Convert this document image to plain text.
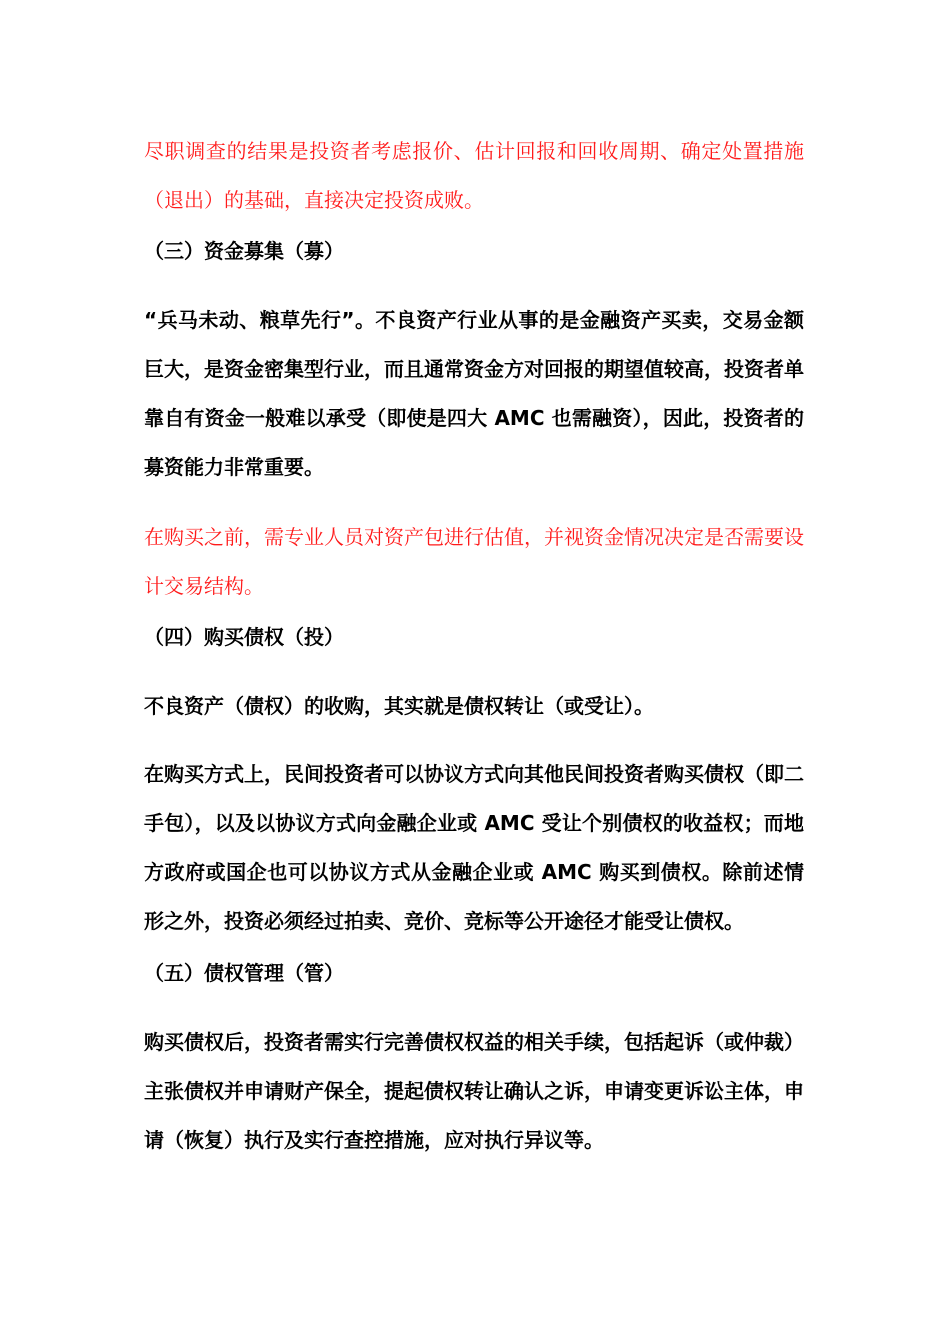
尽职调查的结果是投资者考虑报价、估计回报和回收周期、确定处置措施（退出）的基础，直接决定投资成败。

（三）资金募集（募）

“兵马未动、粮草先行”。不良资产行业从事的是金融资产买卖，交易金额巨大，是资金密集型行业，而且通常资金方对回报的期望值较高，投资者单靠自有资金一般难以承受（即使是四大 AMC 也需融资），因此，投资者的募资能力非常重要。

在购买之前，需专业人员对资产包进行估值，并视资金情况决定是否需要设计交易结构。

（四）购买债权（投）

不良资产（债权）的收购，其实就是债权转让（或受让）。

在购买方式上，民间投资者可以协议方式向其他民间投资者购买债权（即二手包），以及以协议方式向金融企业或 AMC 受让个别债权的收益权；而地方政府或国企也可以协议方式从金融企业或 AMC 购买到债权。除前述情形之外，投资必须经过拍卖、竞价、竞标等公开途径才能受让债权。

（五）债权管理（管）

购买债权后，投资者需实行完善债权权益的相关手续，包括起诉（或仲裁）主张债权并申请财产保全，提起债权转让确认之诉，申请变更诉讼主体，申请（恢复）执行及实行查控措施，应对执行异议等。
